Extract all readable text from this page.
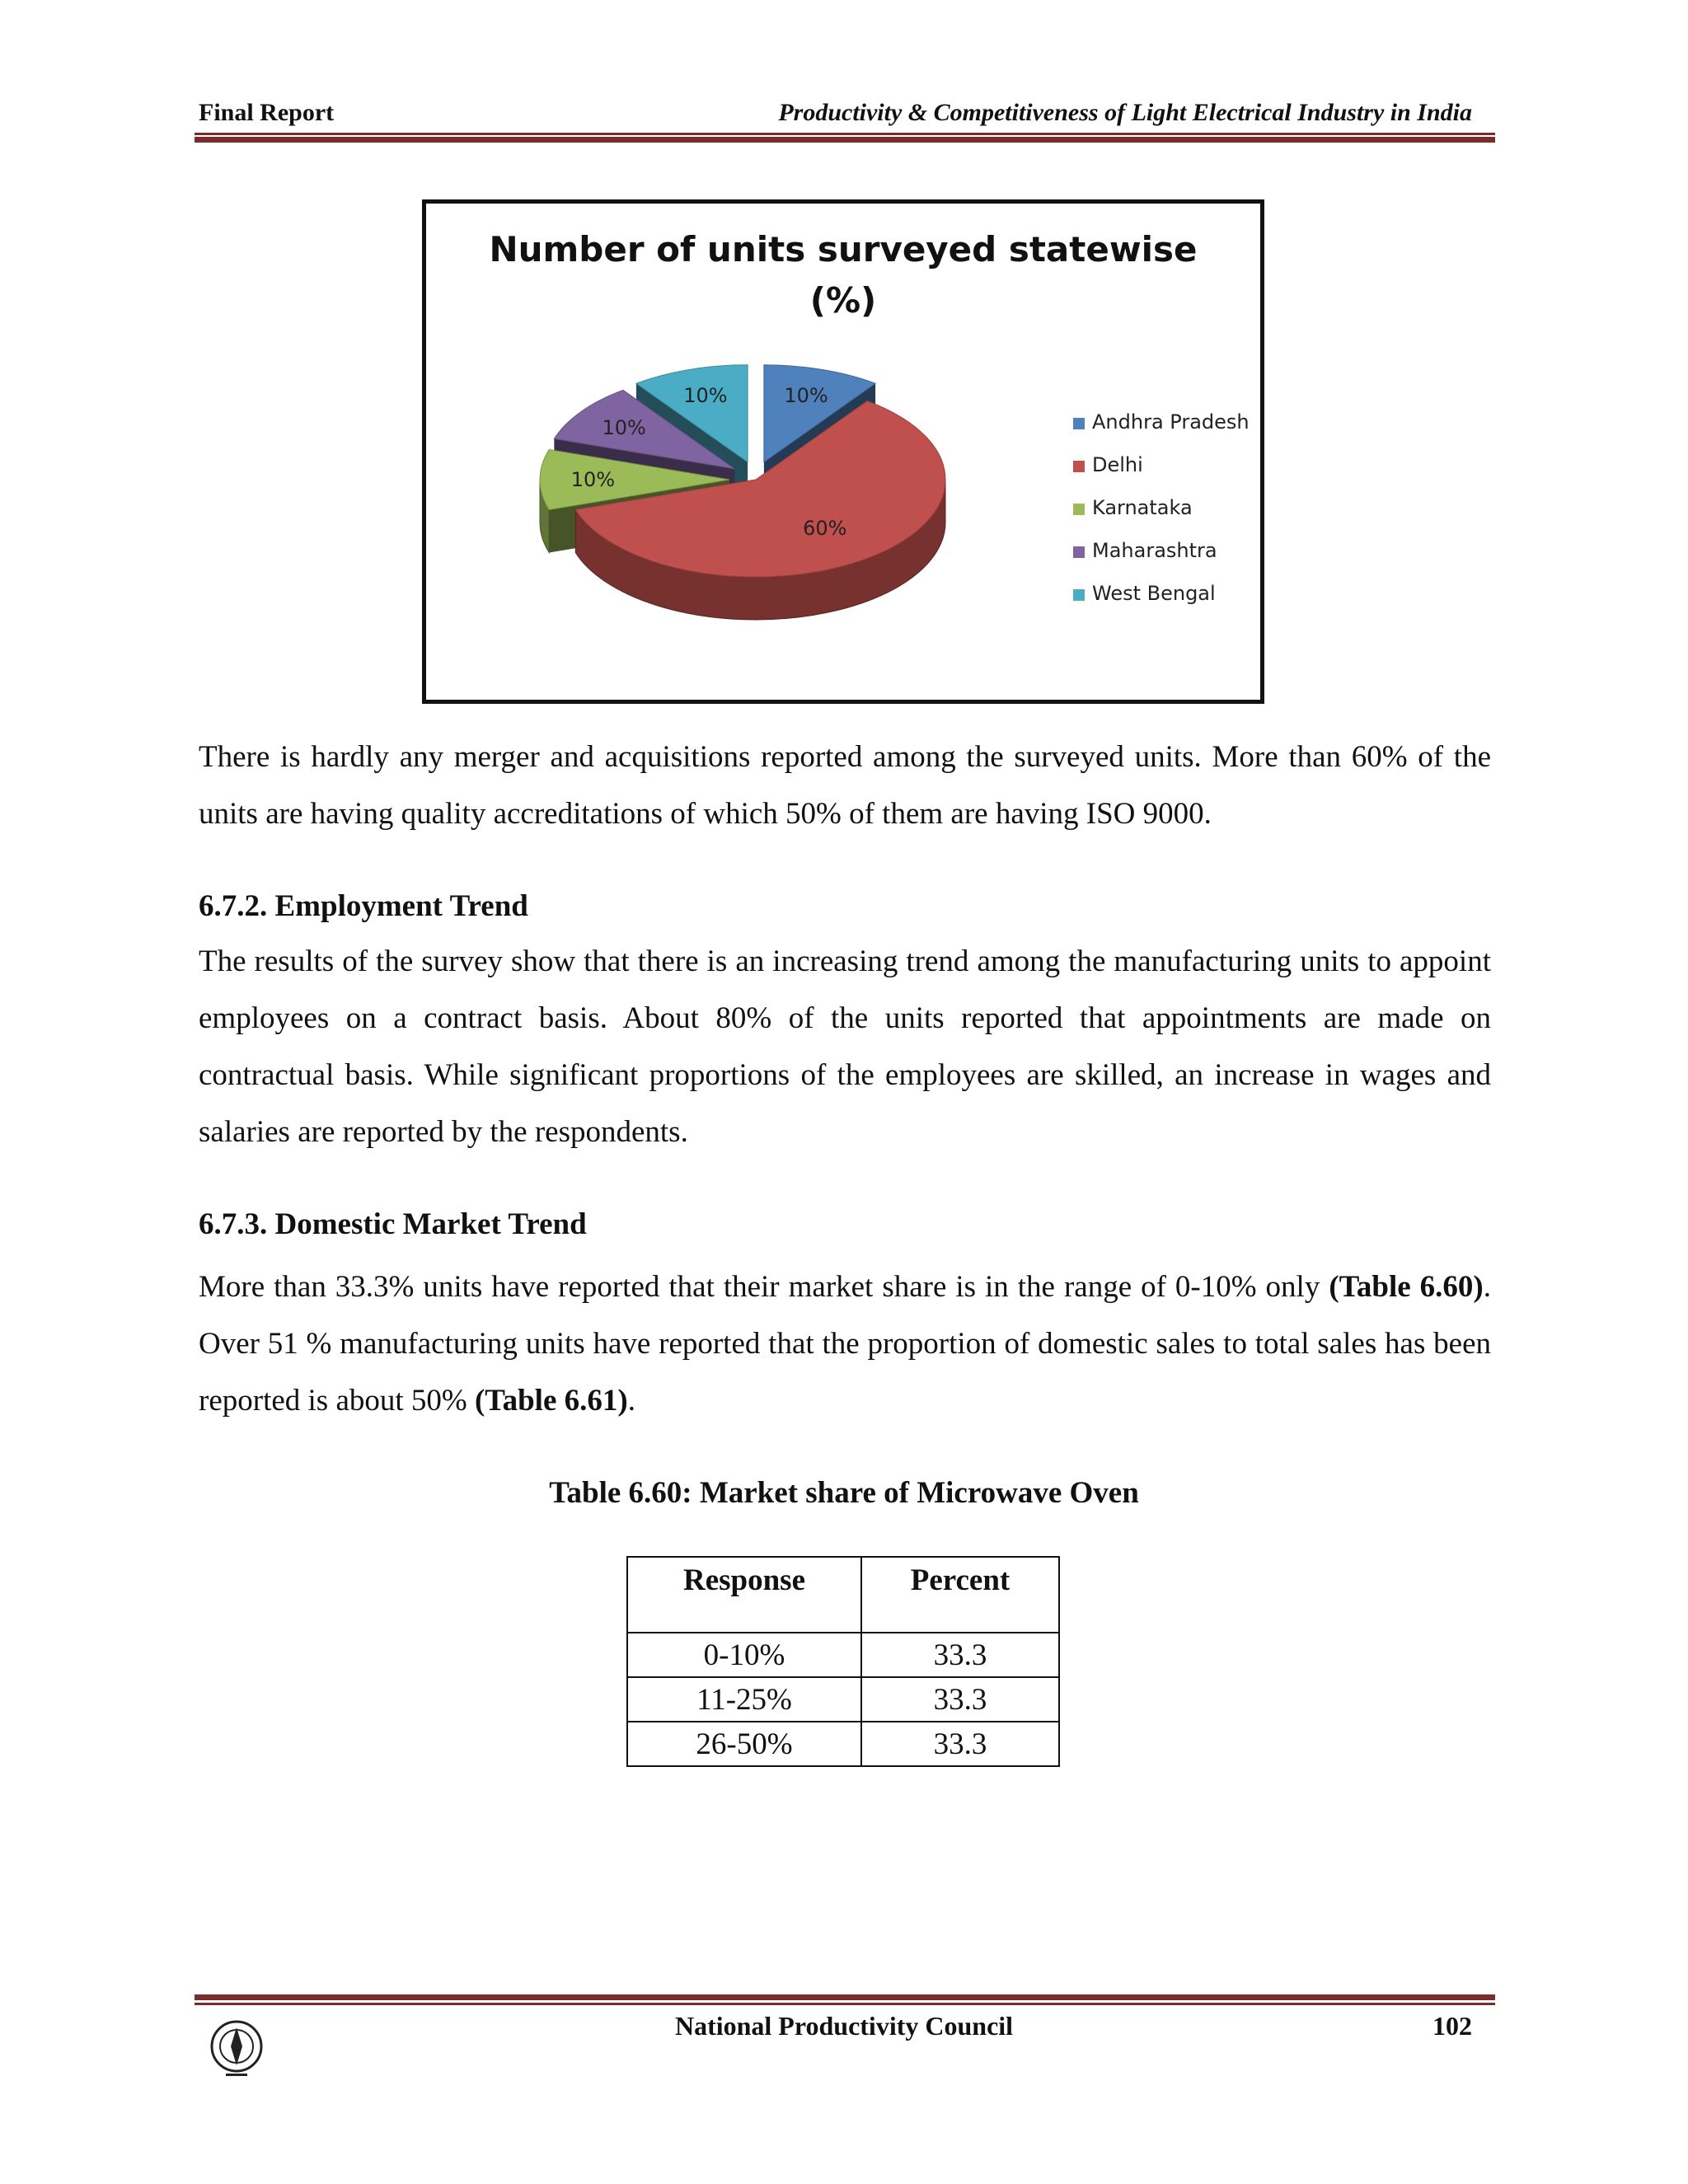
Final Report	Productivity & Competitiveness of Light Electrical Industry in India
Number of units surveyed statewise
(%)
10%
60%
10%
10%
10%
Andhra Pradesh
Delhi
Karnataka
Maharashtra
West Bengal

There is hardly any merger and acquisitions reported among the surveyed units. More than 60% of the units are having quality accreditations of which 50% of them are having ISO 9000.

6.7.2. Employment Trend

The results of the survey show that there is an increasing trend among the manufacturing units to appoint employees on a contract basis. About 80% of the units reported that appointments are made on contractual basis. While significant proportions of the employees are skilled, an increase in wages and salaries are reported by the respondents.

6.7.3. Domestic Market Trend

More than 33.3% units have reported that their market share is in the range of 0-10% only (Table 6.60). Over 51 % manufacturing units have reported that the proportion of domestic sales to total sales has been reported is about 50% (Table 6.61).

Table 6.60: Market share of Microwave Oven
Response	Percent
0-10%	33.3
11-25%	33.3
26-50%	33.3
National Productivity Council	102
